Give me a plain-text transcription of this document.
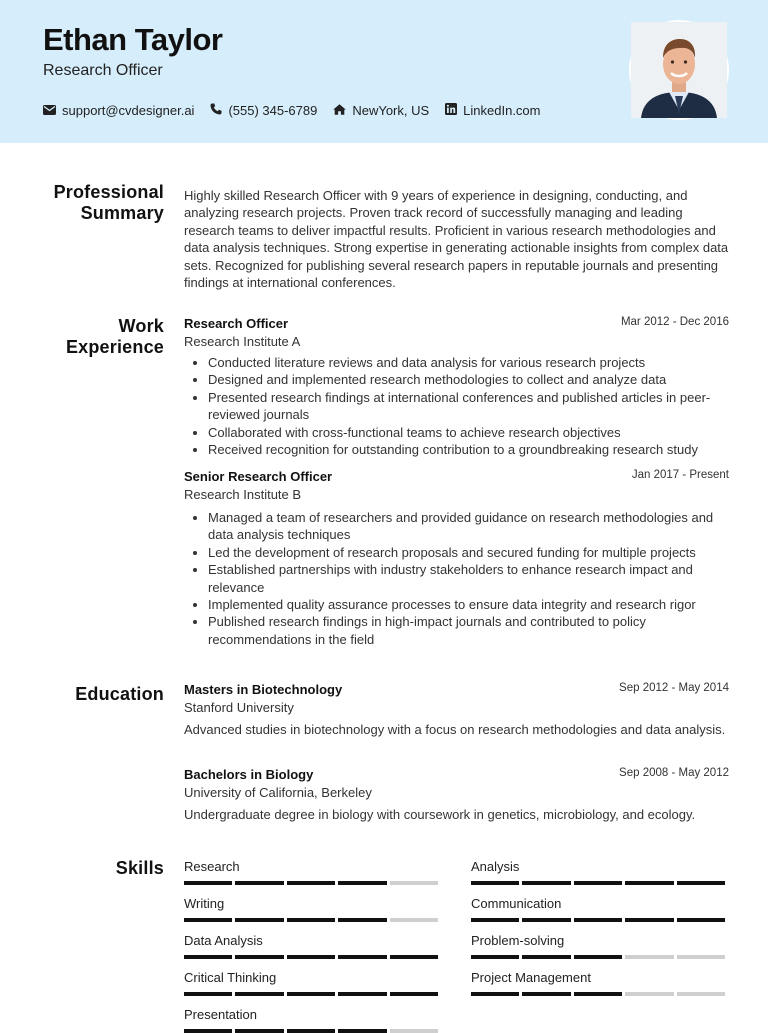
Ethan Taylor
Research Officer
support@cvdesigner.ai	(555) 345-6789	NewYork, US	LinkedIn.com
Professional
Summary
Highly skilled Research Officer with 9 years of experience in designing, conducting, and analyzing research projects. Proven track record of successfully managing and leading research teams to deliver impactful results. Proficient in various research methodologies and data analysis techniques. Strong expertise in generating actionable insights from complex data sets. Recognized for publishing several research papers in reputable journals and presenting findings at international conferences.
Work
Experience
Research Officer	Mar 2012 - Dec 2016
Research Institute A
Conducted literature reviews and data analysis for various research projects
Designed and implemented research methodologies to collect and analyze data
Presented research findings at international conferences and published articles in peer-reviewed journals
Collaborated with cross-functional teams to achieve research objectives
Received recognition for outstanding contribution to a groundbreaking research study
Senior Research Officer	Jan 2017 - Present
Research Institute B
Managed a team of researchers and provided guidance on research methodologies and data analysis techniques
Led the development of research proposals and secured funding for multiple projects
Established partnerships with industry stakeholders to enhance research impact and relevance
Implemented quality assurance processes to ensure data integrity and research rigor
Published research findings in high-impact journals and contributed to policy recommendations in the field
Education Masters in Biotechnology	Sep 2012 - May 2014
Stanford University
Advanced studies in biotechnology with a focus on research methodologies and data analysis.
Bachelors in Biology	Sep 2008 - May 2012
University of California, Berkeley
Undergraduate degree in biology with coursework in genetics, microbiology, and ecology.
Skills Research	Analysis
Writing	Communication
Data Analysis	Problem-solving
Critical Thinking	Project Management
Presentation
